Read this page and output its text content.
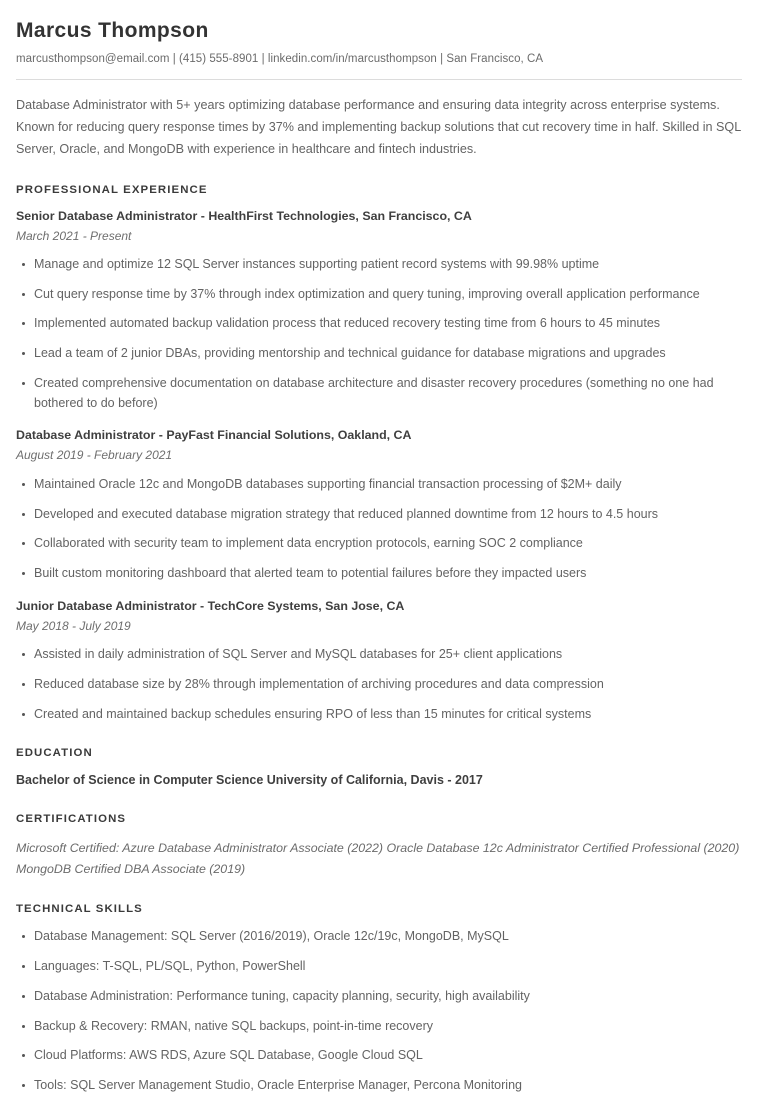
Marcus Thompson
marcusthompson@email.com | (415) 555-8901 | linkedin.com/in/marcusthompson | San Francisco, CA

Database Administrator with 5+ years optimizing database performance and ensuring data integrity across enterprise systems. Known for reducing query response times by 37% and implementing backup solutions that cut recovery time in half. Skilled in SQL Server, Oracle, and MongoDB with experience in healthcare and fintech industries.

PROFESSIONAL EXPERIENCE
Senior Database Administrator - HealthFirst Technologies, San Francisco, CA
March 2021 - Present
Manage and optimize 12 SQL Server instances supporting patient record systems with 99.98% uptime
Cut query response time by 37% through index optimization and query tuning, improving overall application performance
Implemented automated backup validation process that reduced recovery testing time from 6 hours to 45 minutes
Lead a team of 2 junior DBAs, providing mentorship and technical guidance for database migrations and upgrades
Created comprehensive documentation on database architecture and disaster recovery procedures (something no one had bothered to do before)
Database Administrator - PayFast Financial Solutions, Oakland, CA
August 2019 - February 2021
Maintained Oracle 12c and MongoDB databases supporting financial transaction processing of $2M+ daily
Developed and executed database migration strategy that reduced planned downtime from 12 hours to 4.5 hours
Collaborated with security team to implement data encryption protocols, earning SOC 2 compliance
Built custom monitoring dashboard that alerted team to potential failures before they impacted users
Junior Database Administrator - TechCore Systems, San Jose, CA
May 2018 - July 2019
Assisted in daily administration of SQL Server and MySQL databases for 25+ client applications
Reduced database size by 28% through implementation of archiving procedures and data compression
Created and maintained backup schedules ensuring RPO of less than 15 minutes for critical systems
EDUCATION
Bachelor of Science in Computer Science University of California, Davis - 2017
CERTIFICATIONS

Microsoft Certified: Azure Database Administrator Associate (2022) Oracle Database 12c Administrator Certified Professional (2020) MongoDB Certified DBA Associate (2019)

TECHNICAL SKILLS
Database Management: SQL Server (2016/2019), Oracle 12c/19c, MongoDB, MySQL
Languages: T-SQL, PL/SQL, Python, PowerShell
Database Administration: Performance tuning, capacity planning, security, high availability
Backup & Recovery: RMAN, native SQL backups, point-in-time recovery
Cloud Platforms: AWS RDS, Azure SQL Database, Google Cloud SQL
Tools: SQL Server Management Studio, Oracle Enterprise Manager, Percona Monitoring
